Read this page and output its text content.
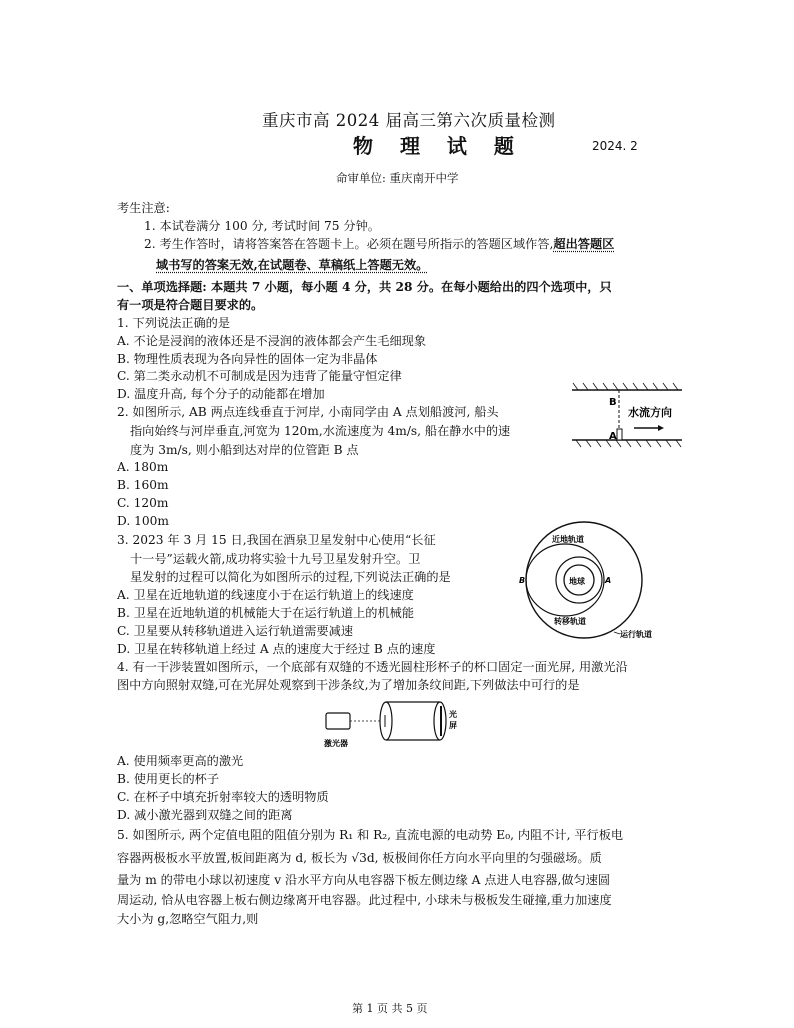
重庆市高 2024 届高三第六次质量检测
物 理 试 题	2024. 2
命审单位: 重庆南开中学
考生注意:
1. 本试卷满分 100 分, 考试时间 75 分钟。
2. 考生作答时，请将答案答在答题卡上。必须在题号所指示的答题区域作答,超出答题区
域书写的答案无效,在试题卷、草稿纸上答题无效。
一、单项选择题: 本题共 7 小题，每小题 4 分，共 28 分。在每小题给出的四个选项中，只
有一项是符合题目要求的。
1. 下列说法正确的是
A. 不论是浸润的液体还是不浸润的液体都会产生毛细现象
B. 物理性质表现为各向异性的固体一定为非晶体
C. 第二类永动机不可制成是因为违背了能量守恒定律
D. 温度升高, 每个分子的动能都在增加
2. 如图所示, AB 两点连线垂直于河岸, 小南同学由 A 点划船渡河, 船头
指向始终与河岸垂直,河宽为 120m,水流速度为 4m/s, 船在静水中的速
度为 3m/s, 则小船到达对岸的位管距 B 点
A. 180m
B. 160m
C. 120m
D. 100m
B
A
水流方向
3. 2023 年 3 月 15 日,我国在酒泉卫星发射中心使用“长征
十一号”运载火箭,成功将实验十九号卫星发射升空。卫
星发射的过程可以简化为如图所示的过程,下列说法正确的是
A. 卫星在近地轨道的线速度小于在运行轨道上的线速度
B. 卫星在近地轨道的机械能大于在运行轨道上的机械能
C. 卫星要从转移轨道进入运行轨道需要减速
D. 卫星在转移轨道上经过 A 点的速度大于经过 B 点的速度
地球
近地轨道
转移轨道
运行轨道
B	A
4. 有一干涉装置如图所示，一个底部有双缝的不透光圆柱形杯子的杯口固定一面光屏, 用激光沿
图中方向照射双缝,可在光屏处观察到干涉条纹,为了增加条纹间距,下列做法中可行的是
激光器
光
屏
A. 使用频率更高的激光
B. 使用更长的杯子
C. 在杯子中填充折射率较大的透明物质
D. 减小激光器到双缝之间的距离
5. 如图所示, 两个定值电阻的阻值分别为 R₁ 和 R₂, 直流电源的电动势 E₀, 内阻不计, 平行板电
容器两极板水平放置,板间距离为 d, 板长为 √3d, 板极间你任方向水平向里的匀强磁场。质
量为 m 的带电小球以初速度 v 沿水平方向从电容器下板左侧边缘 A 点进人电容器,做匀速圆
周运动, 恰从电容器上板右侧边缘离开电容器。此过程中, 小球未与极板发生碰撞,重力加速度
大小为 g,忽略空气阻力,则
第 1 页 共 5 页
